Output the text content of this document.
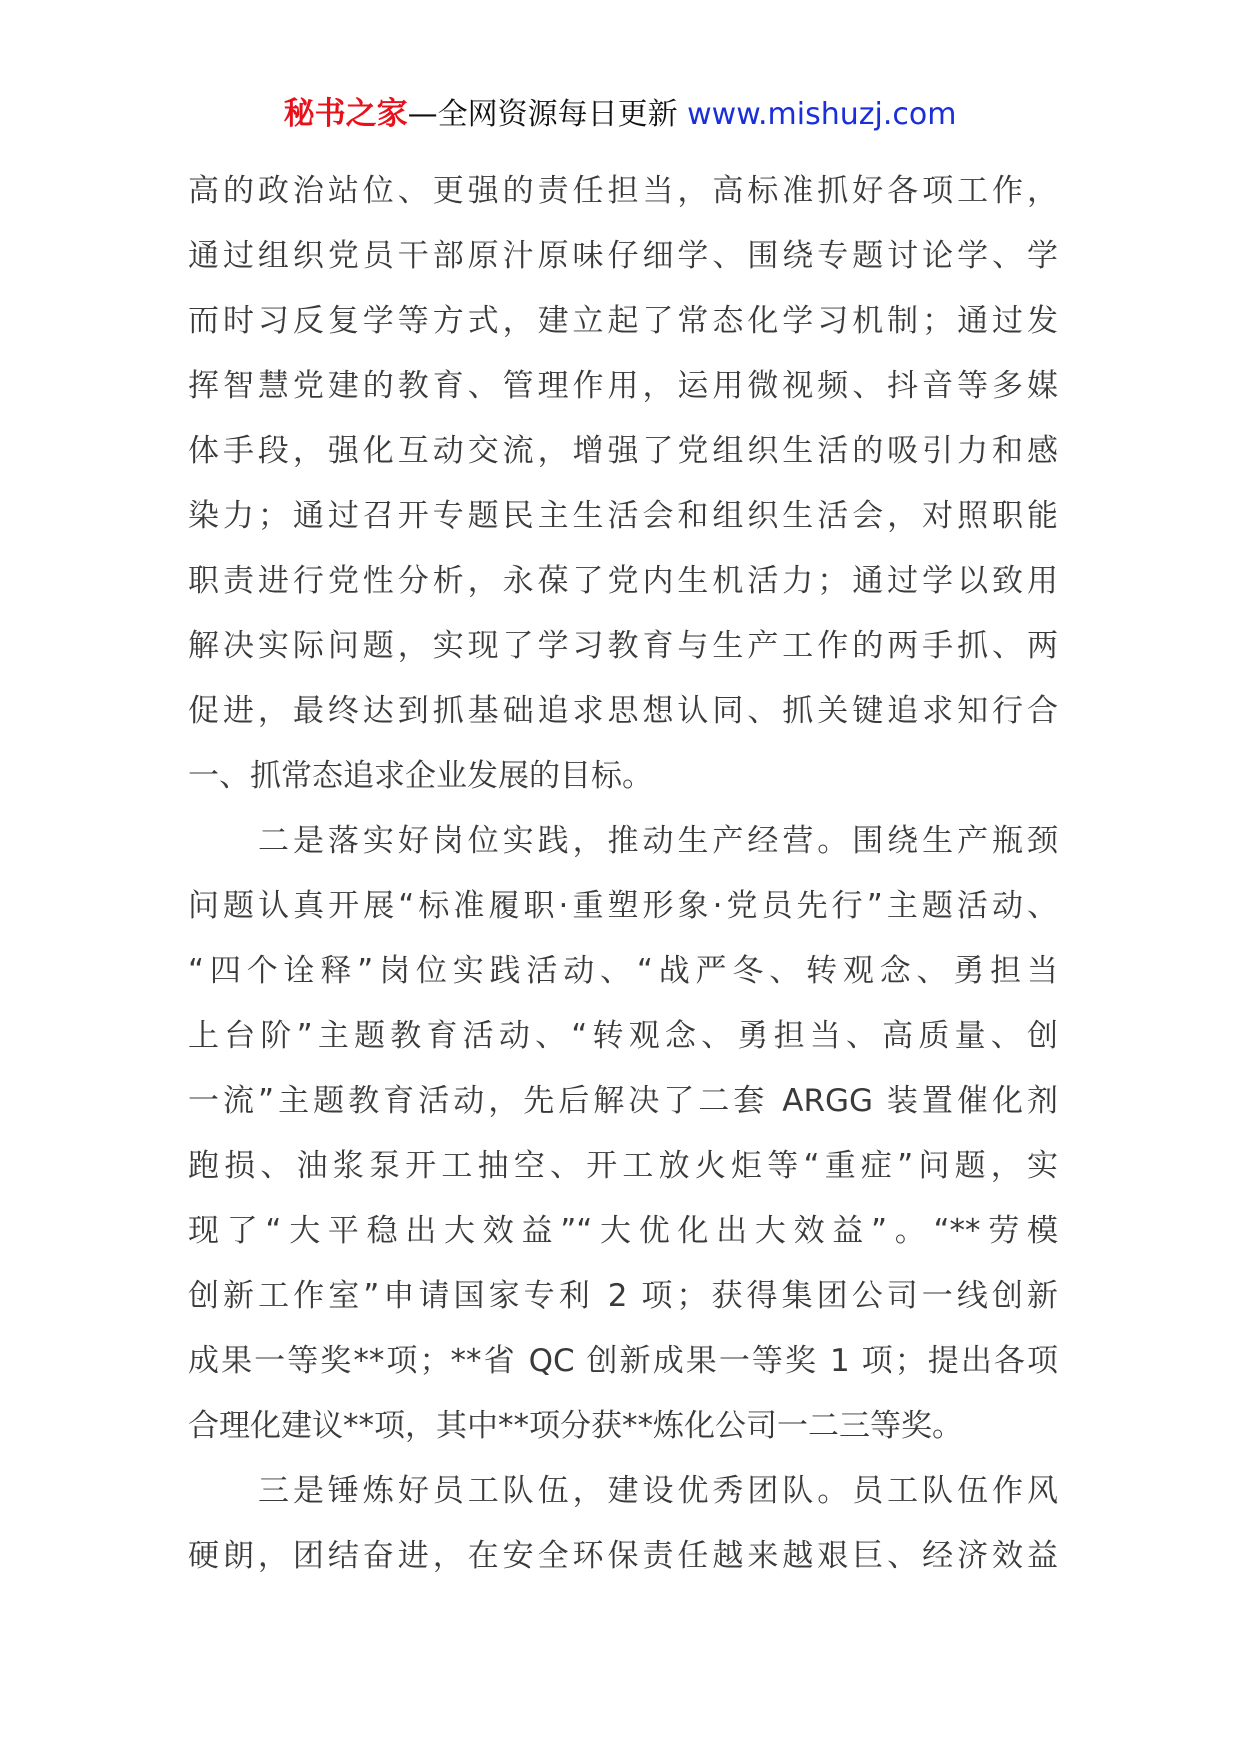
秘书之家—全网资源每日更新 www.mishuzj.com
高的政治站位、更强的责任担当，高标准抓好各项工作，
通过组织党员干部原汁原味仔细学、围绕专题讨论学、学
而时习反复学等方式，建立起了常态化学习机制；通过发
挥智慧党建的教育、管理作用，运用微视频、抖音等多媒
体手段，强化互动交流，增强了党组织生活的吸引力和感
染力；通过召开专题民主生活会和组织生活会，对照职能
职责进行党性分析，永葆了党内生机活力；通过学以致用
解决实际问题，实现了学习教育与生产工作的两手抓、两
促进，最终达到抓基础追求思想认同、抓关键追求知行合
一、抓常态追求企业发展的目标。
二是落实好岗位实践，推动生产经营。围绕生产瓶颈
问题认真开展“标准履职·重塑形象·党员先行”主题活动、
“四个诠释”岗位实践活动、“战严冬、转观念、勇担当
上台阶”主题教育活动、“转观念、勇担当、高质量、创
一流”主题教育活动，先后解决了二套 ARGG 装置催化剂
跑损、油浆泵开工抽空、开工放火炬等“重症”问题，实
现了“大平稳出大效益”“大优化出大效益”。“**劳模
创新工作室”申请国家专利 2 项；获得集团公司一线创新
成果一等奖**项；**省 QC 创新成果一等奖 1 项；提出各项
合理化建议**项，其中**项分获**炼化公司一二三等奖。
三是锤炼好员工队伍，建设优秀团队。员工队伍作风
硬朗，团结奋进，在安全环保责任越来越艰巨、经济效益
